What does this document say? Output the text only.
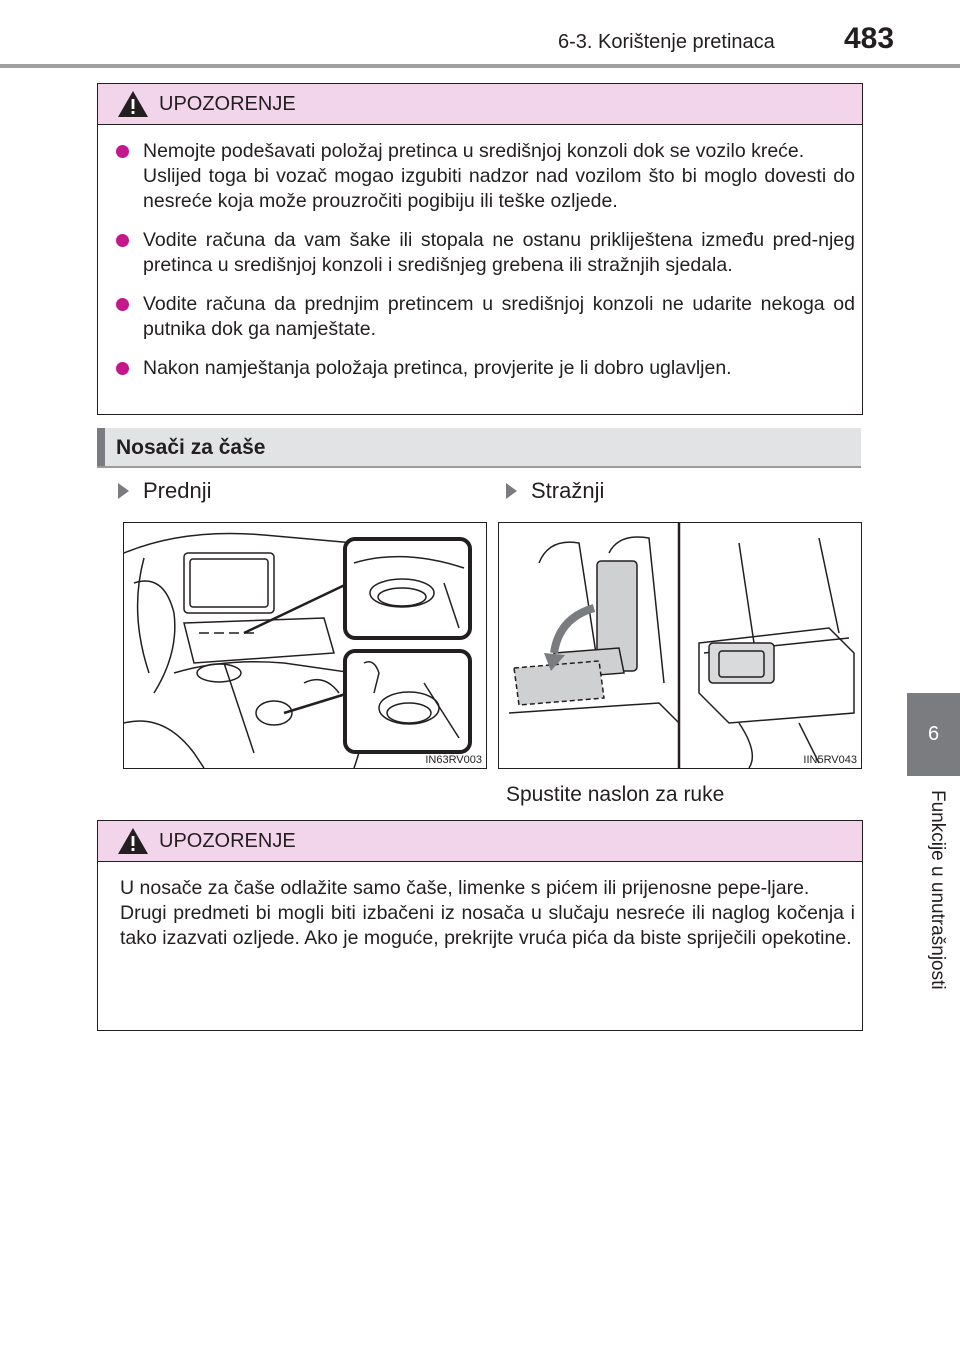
6-3. Korištenje pretinaca 483
6
Funkcije u unutrašnjosti
UPOZORENJE

Nemojte podešavati položaj pretinca u središnjoj konzoli dok se vozilo kreće.

Uslijed toga bi vozač mogao izgubiti nadzor nad vozilom što bi moglo dovesti do nesreće koja može prouzročiti pogibiju ili teške ozljede.

Vodite računa da vam šake ili stopala ne ostanu prikliještena između pred-njeg pretinca u središnjoj konzoli i središnjeg grebena ili stražnjih sjedala.

Vodite računa da prednjim pretincem u središnjoj konzoli ne udarite nekoga od putnika dok ga namještate.

Nakon namještanja položaja pretinca, provjerite je li dobro uglavljen.

Nosači za čaše
Prednji	Stražnji
IN63RV003	IIN5RV043
Spustite naslon za ruke
UPOZORENJE

U nosače za čaše odlažite samo čaše, limenke s pićem ili prijenosne pepe-ljare.

Drugi predmeti bi mogli biti izbačeni iz nosača u slučaju nesreće ili naglog kočenja i tako izazvati ozljede. Ako je moguće, prekrijte vruća pića da biste spriječili opekotine.
